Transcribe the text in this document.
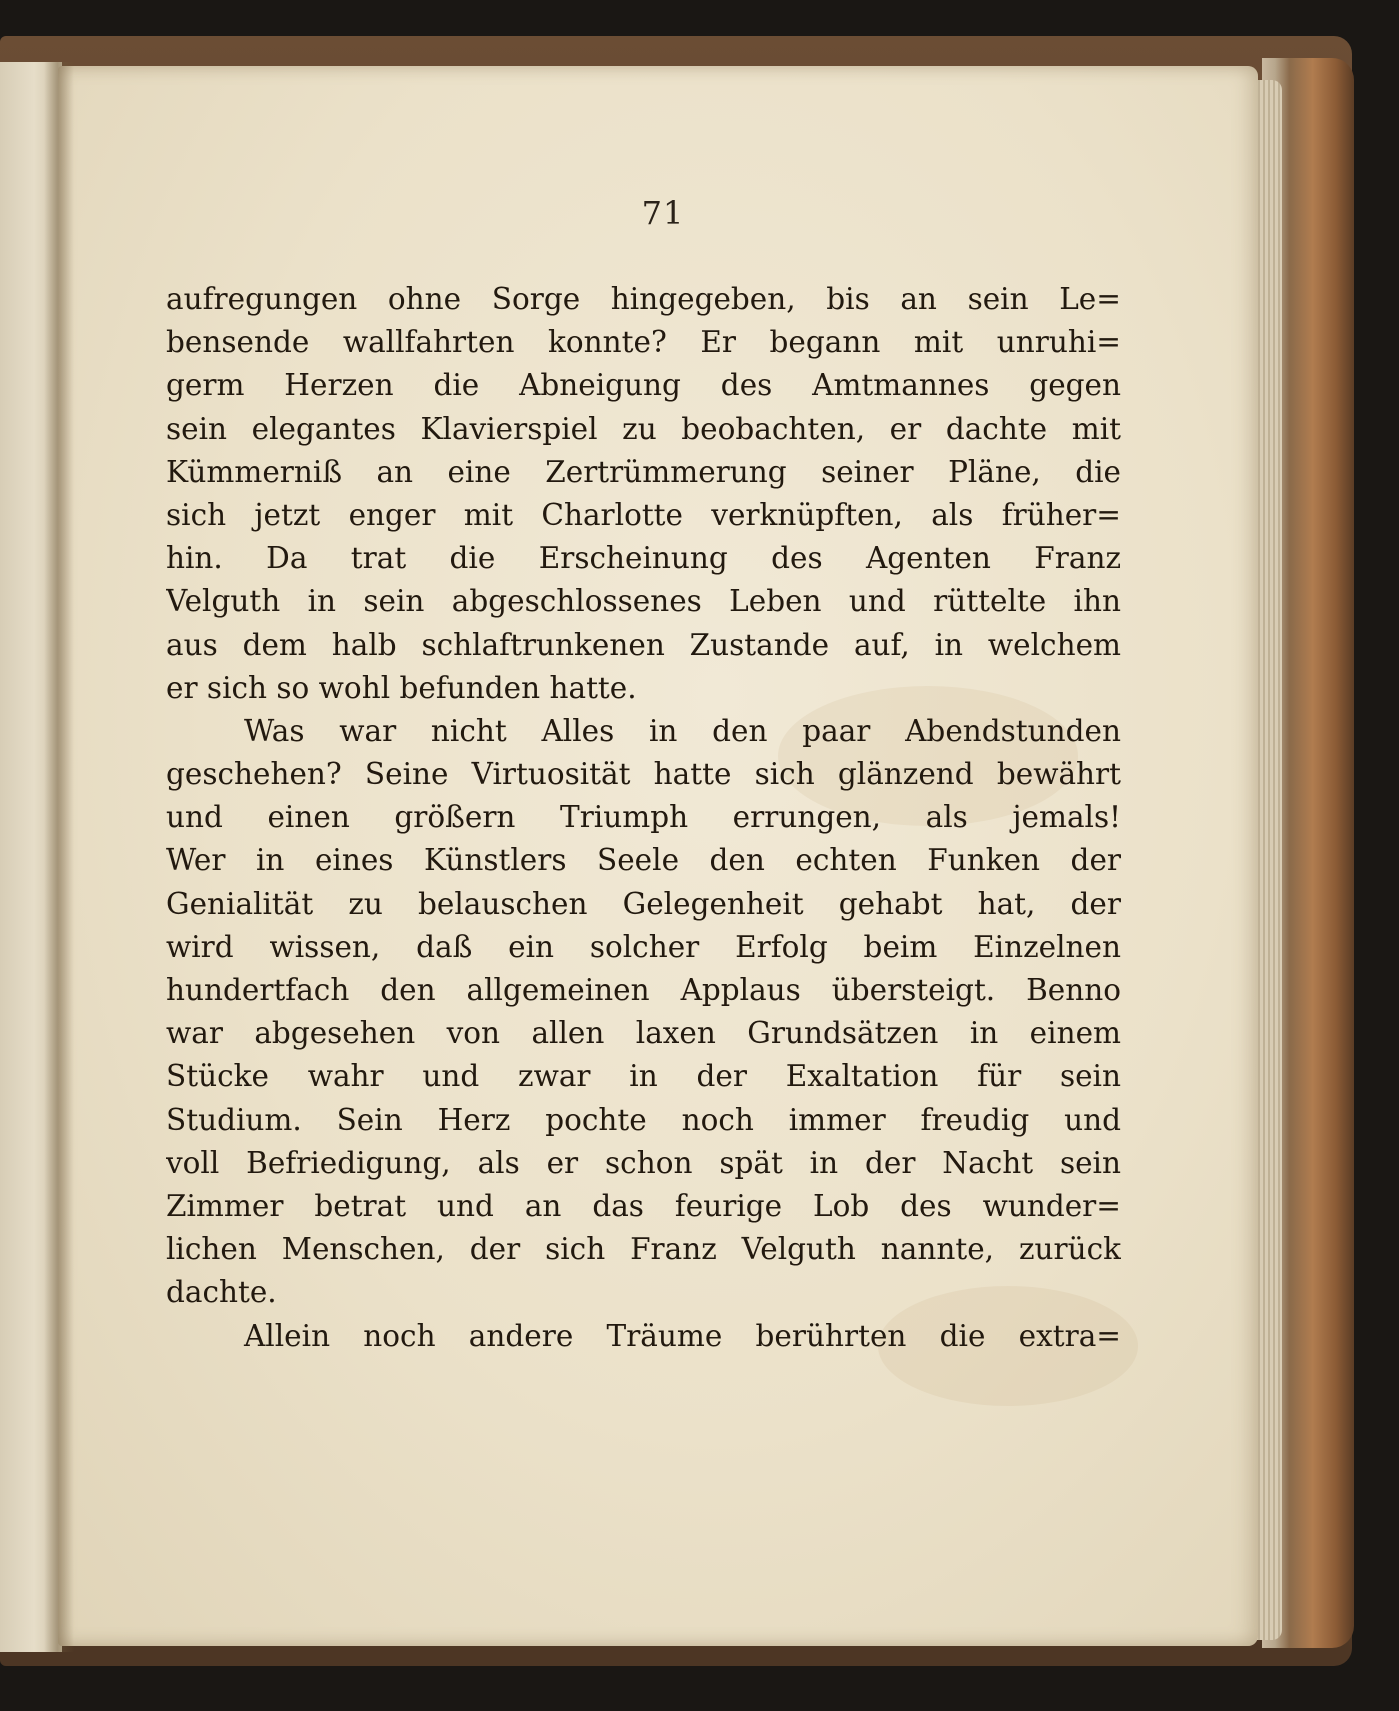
71

aufregungen ohne Sorge hingegeben, bis an sein Le=
bensende wallfahrten konnte? Er begann mit unruhi=
germ Herzen die Abneigung des Amtmannes gegen
sein elegantes Klavierspiel zu beobachten, er dachte mit
Kümmerniß an eine Zertrümmerung seiner Pläne, die
sich jetzt enger mit Charlotte verknüpften, als früher=
hin. Da trat die Erscheinung des Agenten Franz
Velguth in sein abgeschlossenes Leben und rüttelte ihn
aus dem halb schlaftrunkenen Zustande auf, in welchem
er sich so wohl befunden hatte.
Was war nicht Alles in den paar Abendstunden
geschehen? Seine Virtuosität hatte sich glänzend bewährt
und einen größern Triumph errungen, als jemals!
Wer in eines Künstlers Seele den echten Funken der
Genialität zu belauschen Gelegenheit gehabt hat, der
wird wissen, daß ein solcher Erfolg beim Einzelnen
hundertfach den allgemeinen Applaus übersteigt. Benno
war abgesehen von allen laxen Grundsätzen in einem
Stücke wahr und zwar in der Exaltation für sein
Studium. Sein Herz pochte noch immer freudig und
voll Befriedigung, als er schon spät in der Nacht sein
Zimmer betrat und an das feurige Lob des wunder=
lichen Menschen, der sich Franz Velguth nannte, zurück
dachte.
Allein noch andere Träume berührten die extra=
